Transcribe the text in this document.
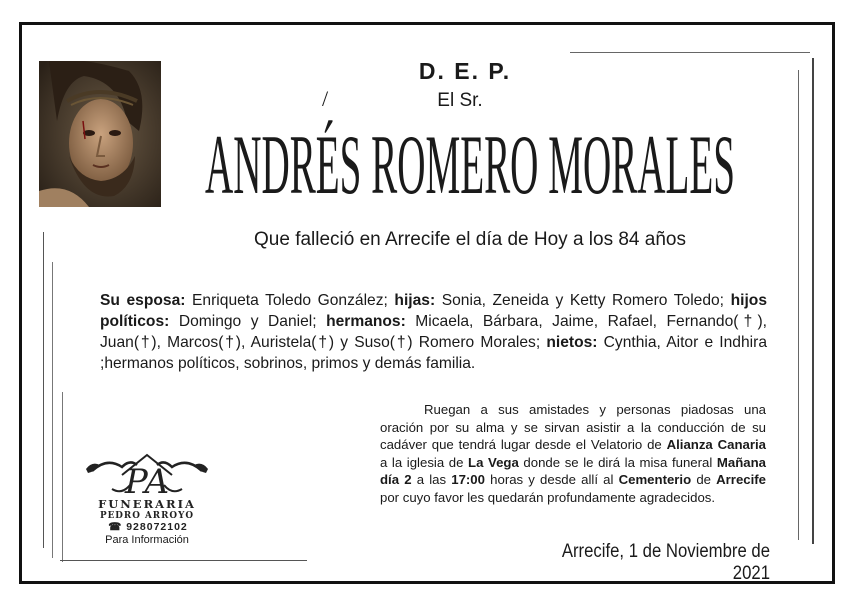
D. E. P.
/	El Sr.
ANDRÉS ROMERO MORALES
Que falleció en Arrecife el día de Hoy a los 84 años
Su esposa: Enriqueta Toledo González; hijas: Sonia, Zeneida y Ketty Romero Toledo; hijos políticos: Domingo y Daniel; hermanos: Micaela, Bárbara, Jaime, Rafael, Fernando(†), Juan(†), Marcos(†), Auristela(†) y Suso(†) Romero Morales; nietos: Cynthia, Aitor e Indhira ;hermanos políticos, sobrinos, primos y demás familia.
Ruegan a sus amistades y personas piadosas una oración por su alma y se sirvan asistir a la conducción de su cadáver que tendrá lugar desde el Velatorio de Alianza Canaria a la iglesia de La Vega donde se le dirá la misa funeral Mañana día 2 a las 17:00 horas y desde allí al Cementerio de Arrecife por cuyo favor les quedarán profundamente agradecidos.
PA
FUNERARIA
PEDRO ARROYO
☎ 928072102
Para Información
Arrecife, 1 de Noviembre de 2021
